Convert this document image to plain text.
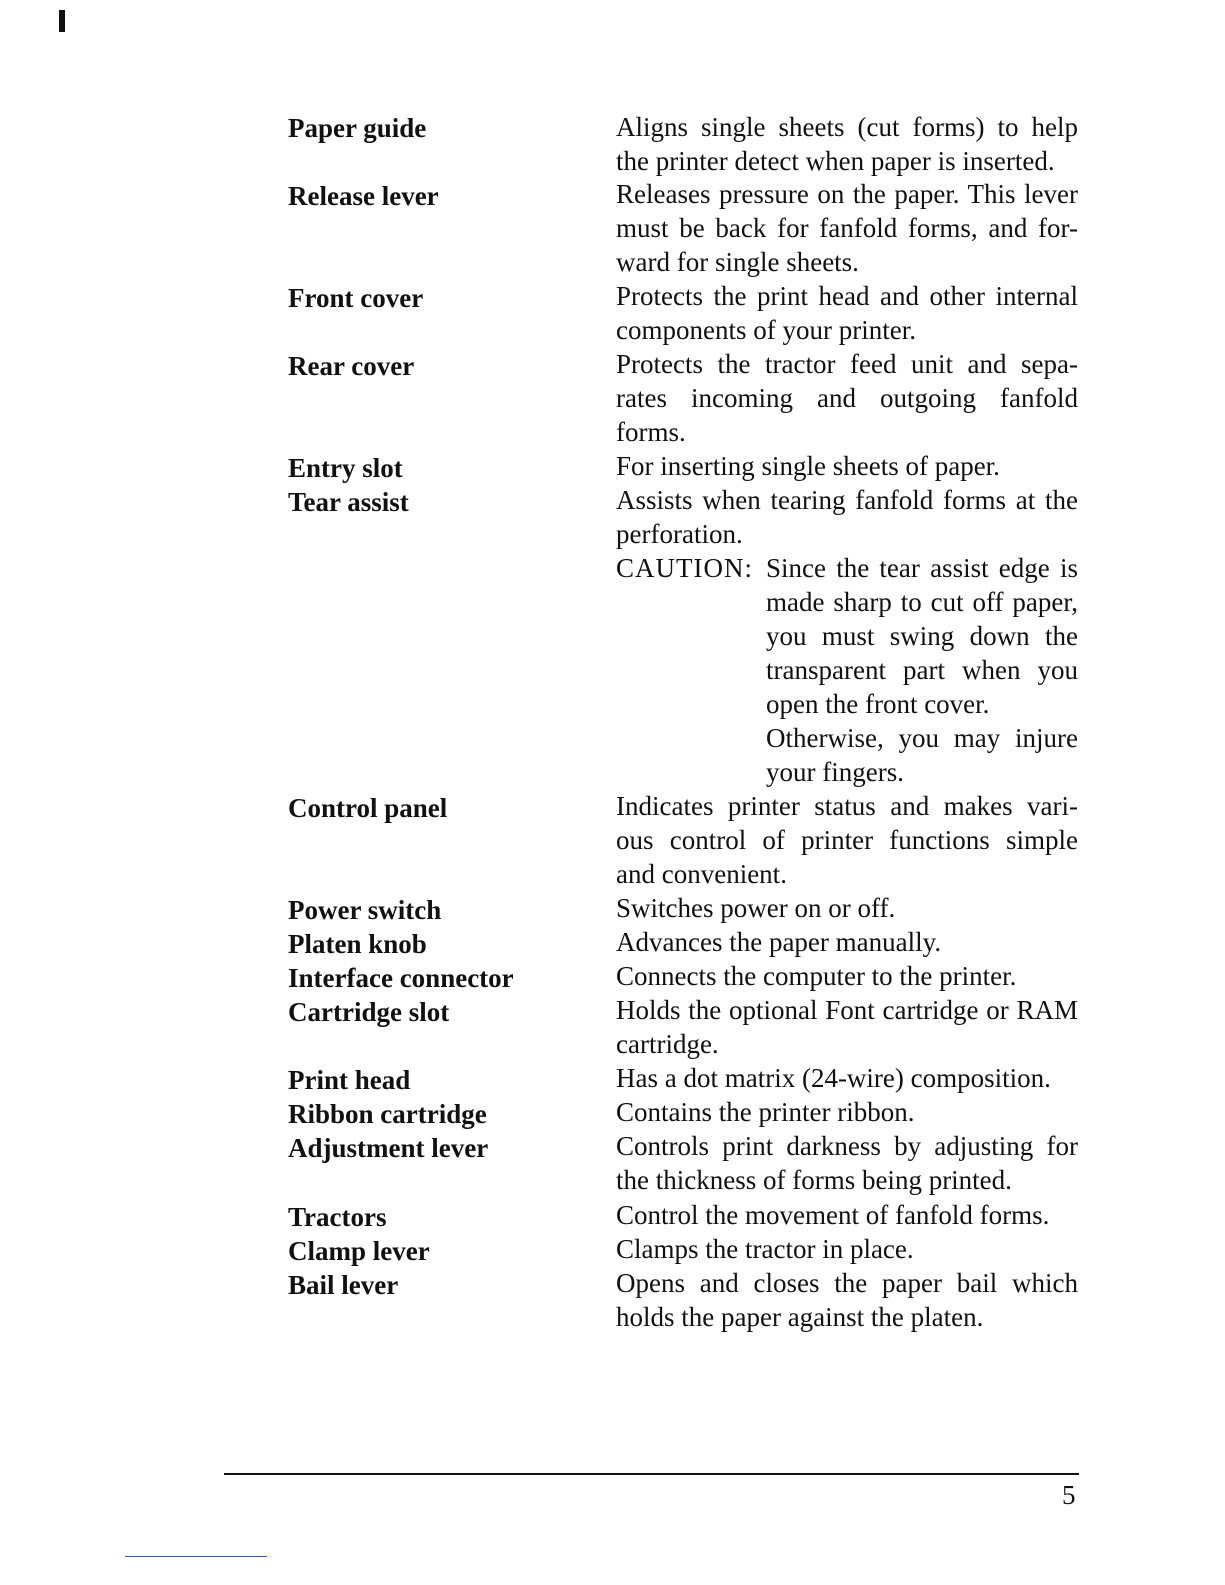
Paper guide	Aligns single sheets (cut forms) to help
the printer detect when paper is inserted.
Release lever	Releases pressure on the paper. This lever
must be back for fanfold forms, and for-
ward for single sheets.
Front cover	Protects the print head and other internal
components of your printer.
Rear cover	Protects the tractor feed unit and sepa-
rates incoming and outgoing fanfold
forms.
Entry slot	For inserting single sheets of paper.
Tear assist	Assists when tearing fanfold forms at the
perforation.
CAUTION: Since the tear assist edge is
made sharp to cut off paper,
you must swing down the
transparent part when you
open the front cover.
Otherwise, you may injure
your fingers.
Control panel	Indicates printer status and makes vari-
ous control of printer functions simple
and convenient.
Power switch	Switches power on or off.
Platen knob	Advances the paper manually.
Interface connector	Connects the computer to the printer.
Cartridge slot	Holds the optional Font cartridge or RAM
cartridge.
Print head	Has a dot matrix (24-wire) composition.
Ribbon cartridge	Contains the printer ribbon.
Adjustment lever	Controls print darkness by adjusting for
the thickness of forms being printed.
Tractors	Control the movement of fanfold forms.
Clamp lever	Clamps the tractor in place.
Bail lever	Opens and closes the paper bail which
holds the paper against the platen.
5
